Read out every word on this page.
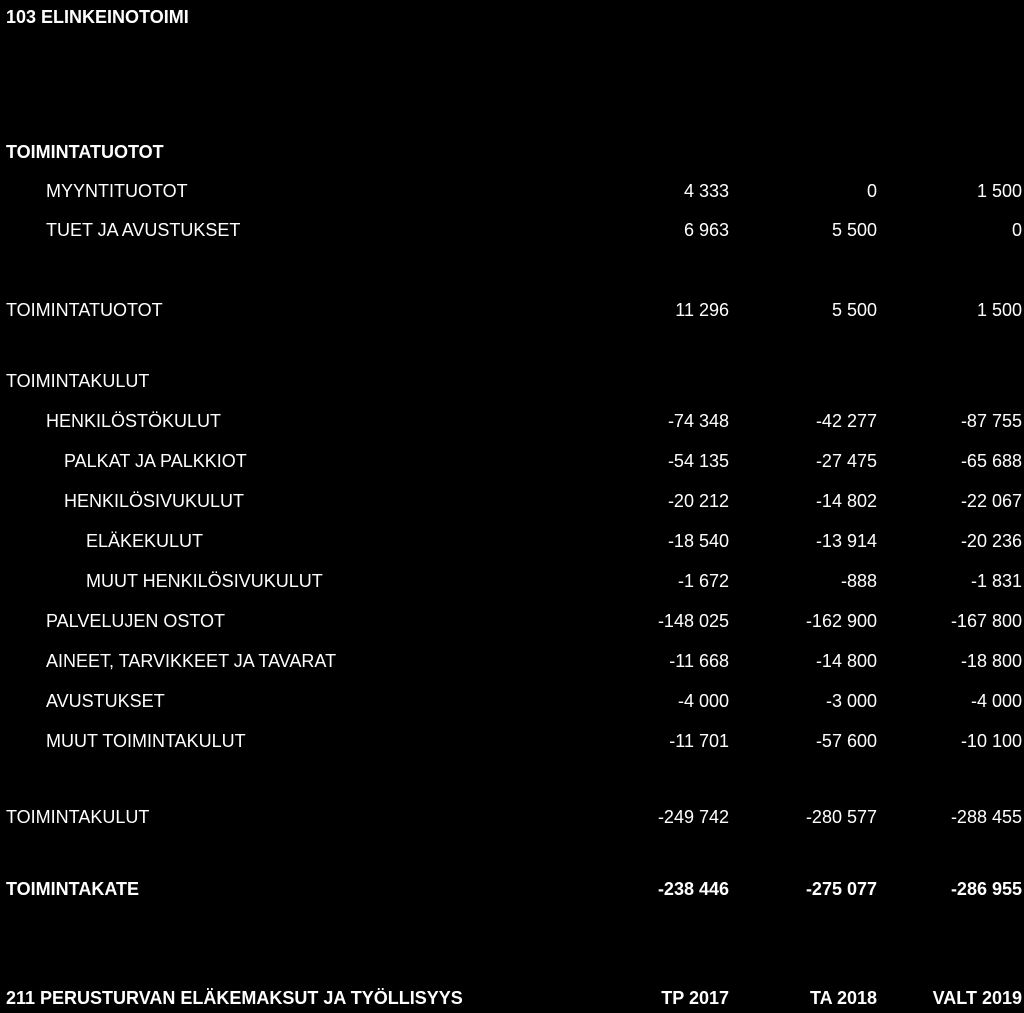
103 ELINKEINOTOIMI
TOIMINTATUOTOT
MYYNTITUOTOT	4 333	0	1 500
TUET JA AVUSTUKSET	6 963	5 500	0
TOIMINTATUOTOT	11 296	5 500	1 500
TOIMINTAKULUT
HENKILÖSTÖKULUT	-74 348	-42 277	-87 755
PALKAT JA PALKKIOT	-54 135	-27 475	-65 688
HENKILÖSIVUKULUT	-20 212	-14 802	-22 067
ELÄKEKULUT	-18 540	-13 914	-20 236
MUUT HENKILÖSIVUKULUT	-1 672	-888	-1 831
PALVELUJEN OSTOT	-148 025	-162 900	-167 800
AINEET, TARVIKKEET JA TAVARAT	-11 668	-14 800	-18 800
AVUSTUKSET	-4 000	-3 000	-4 000
MUUT TOIMINTAKULUT	-11 701	-57 600	-10 100
TOIMINTAKULUT	-249 742	-280 577	-288 455
TOIMINTAKATE	-238 446	-275 077	-286 955
211 PERUSTURVAN ELÄKEMAKSUT JA TYÖLLISYYS	TP 2017	TA 2018	VALT 2019
